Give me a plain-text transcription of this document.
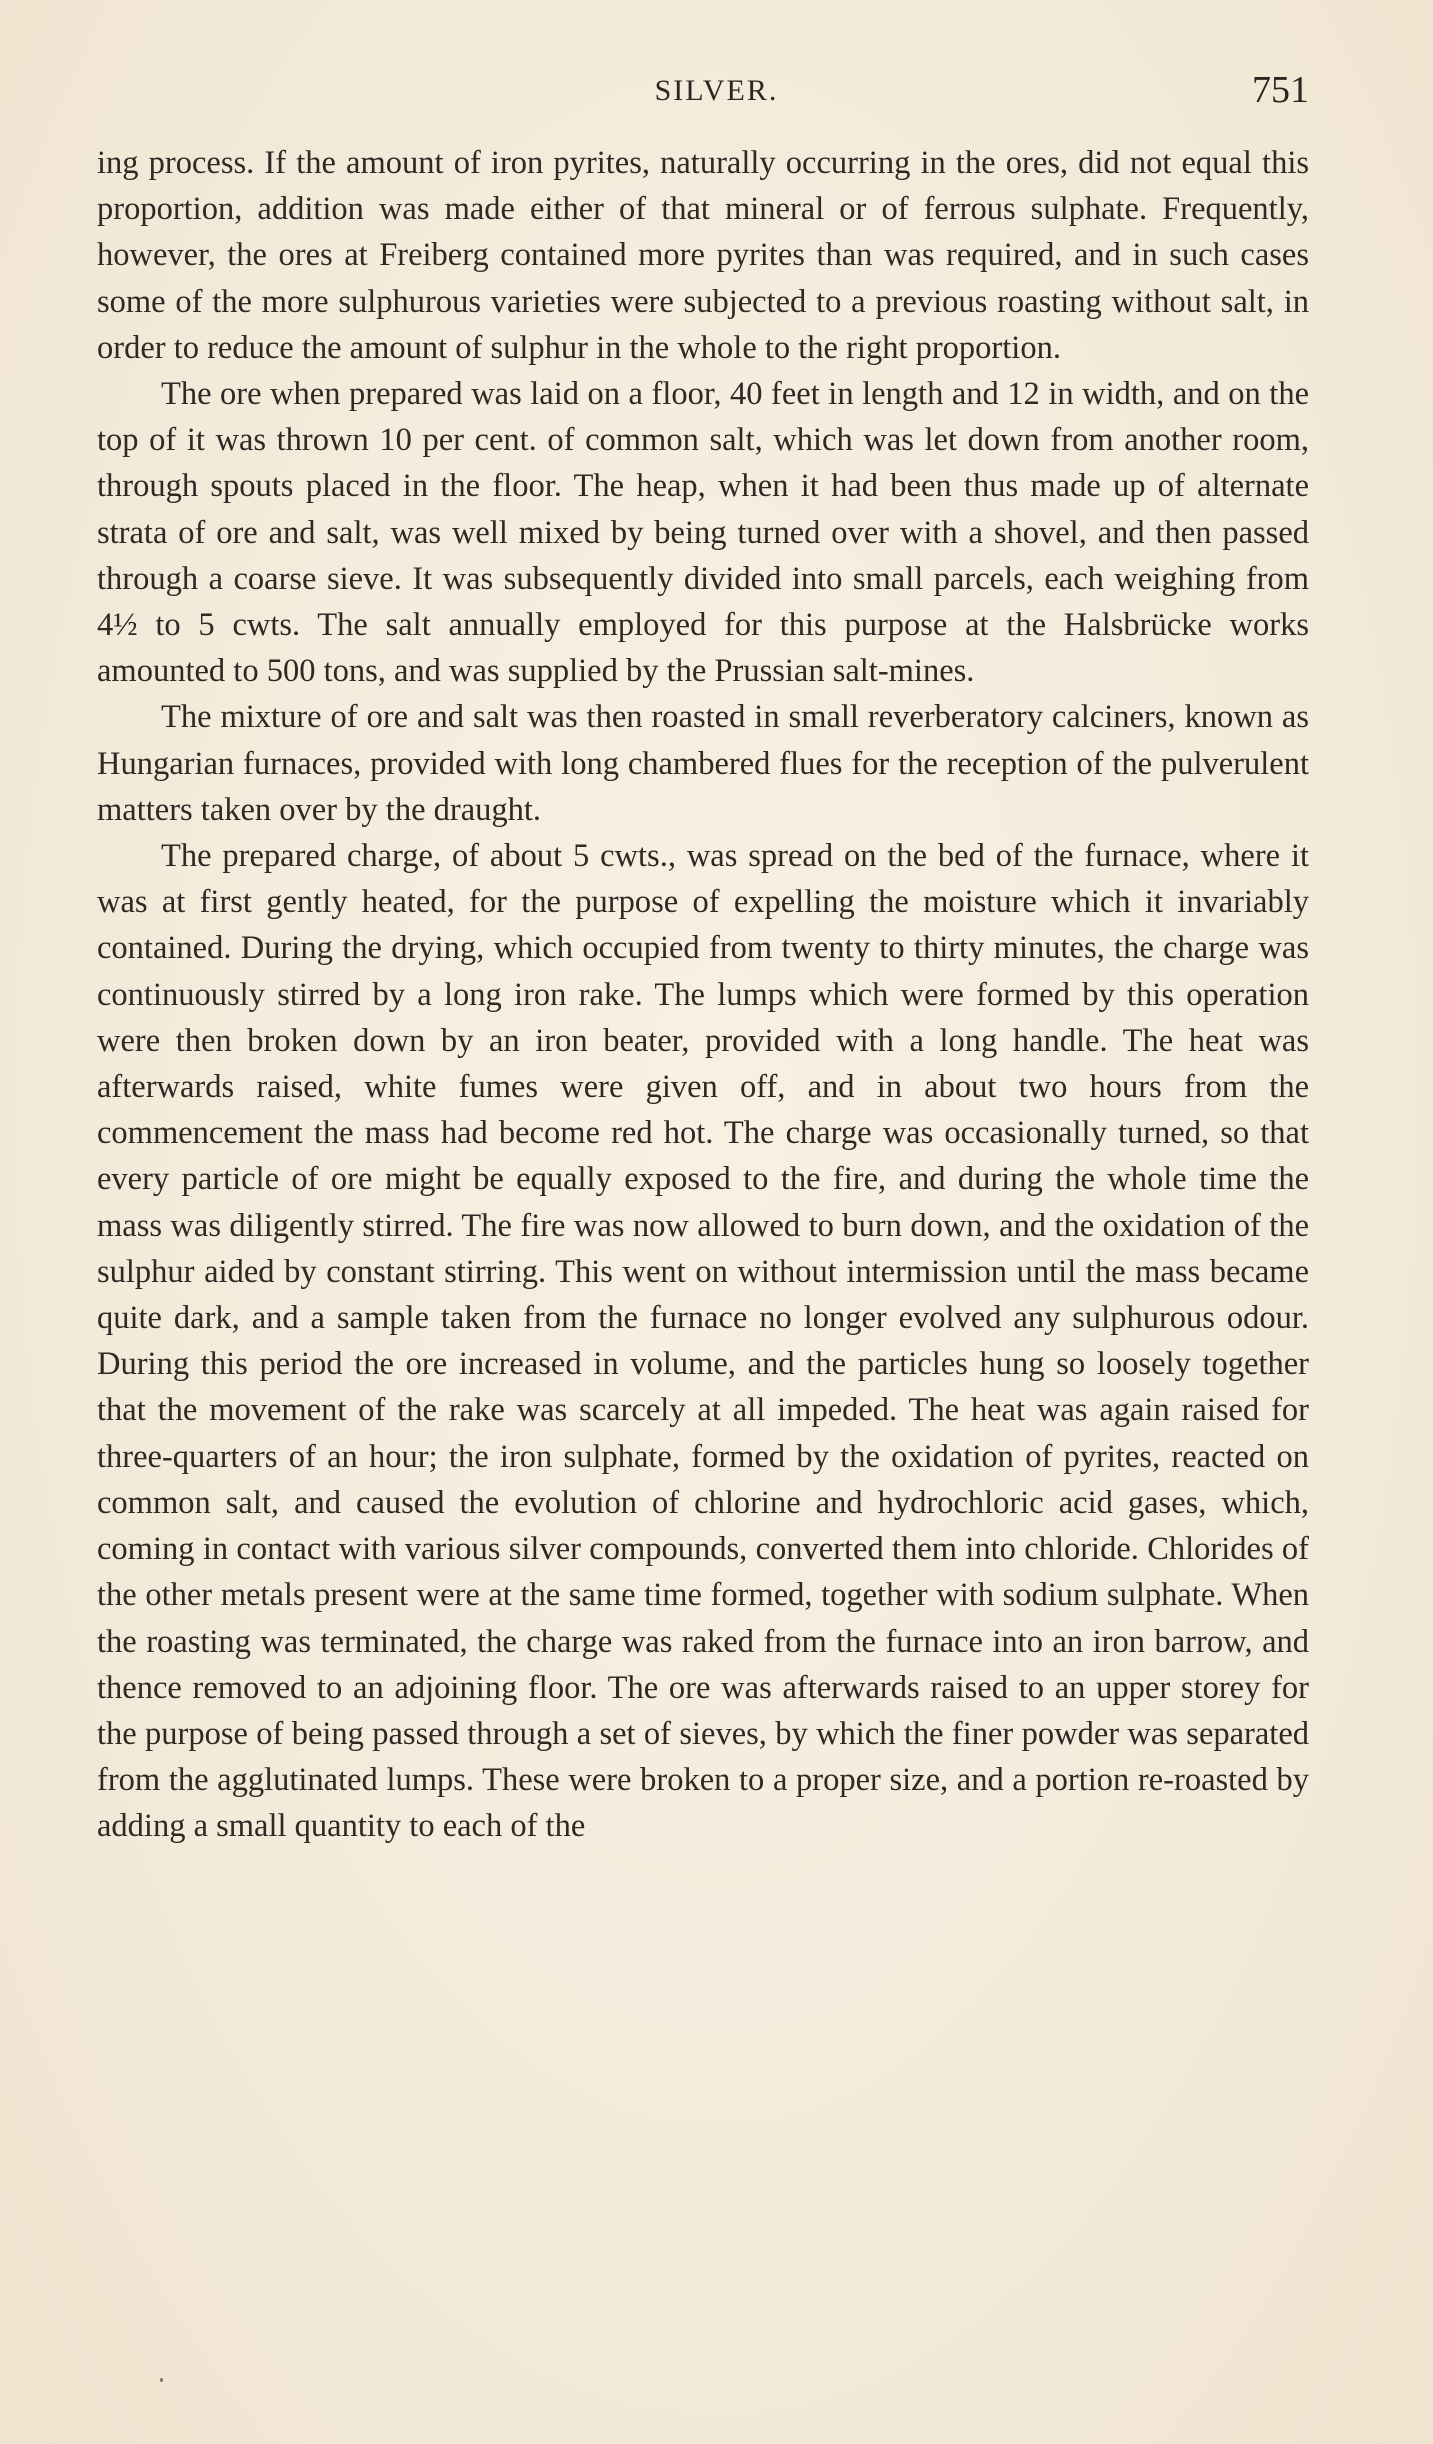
SILVER.	751

ing process. If the amount of iron pyrites, naturally occurring in the ores, did not equal this proportion, addition was made either of that mineral or of ferrous sulphate. Frequently, however, the ores at Freiberg contained more pyrites than was required, and in such cases some of the more sulphurous varieties were subjected to a previous roasting without salt, in order to reduce the amount of sulphur in the whole to the right proportion.

The ore when prepared was laid on a floor, 40 feet in length and 12 in width, and on the top of it was thrown 10 per cent. of common salt, which was let down from another room, through spouts placed in the floor. The heap, when it had been thus made up of alternate strata of ore and salt, was well mixed by being turned over with a shovel, and then passed through a coarse sieve. It was subsequently divided into small parcels, each weighing from 4½ to 5 cwts. The salt annually employed for this purpose at the Halsbrücke works amounted to 500 tons, and was supplied by the Prussian salt-mines.

The mixture of ore and salt was then roasted in small reverberatory calciners, known as Hungarian furnaces, provided with long chambered flues for the reception of the pulverulent matters taken over by the draught.

The prepared charge, of about 5 cwts., was spread on the bed of the furnace, where it was at first gently heated, for the purpose of expelling the moisture which it invariably contained. During the drying, which occupied from twenty to thirty minutes, the charge was continuously stirred by a long iron rake. The lumps which were formed by this operation were then broken down by an iron beater, provided with a long handle. The heat was afterwards raised, white fumes were given off, and in about two hours from the commencement the mass had become red hot. The charge was occasionally turned, so that every particle of ore might be equally exposed to the fire, and during the whole time the mass was diligently stirred. The fire was now allowed to burn down, and the oxidation of the sulphur aided by constant stirring. This went on without intermission until the mass became quite dark, and a sample taken from the furnace no longer evolved any sulphurous odour. During this period the ore increased in volume, and the particles hung so loosely together that the movement of the rake was scarcely at all impeded. The heat was again raised for three-quarters of an hour; the iron sulphate, formed by the oxidation of pyrites, reacted on common salt, and caused the evolution of chlorine and hydrochloric acid gases, which, coming in contact with various silver compounds, converted them into chloride. Chlorides of the other metals present were at the same time formed, together with sodium sulphate. When the roasting was terminated, the charge was raked from the furnace into an iron barrow, and thence removed to an adjoining floor. The ore was afterwards raised to an upper storey for the purpose of being passed through a set of sieves, by which the finer powder was separated from the agglutinated lumps. These were broken to a proper size, and a portion re-roasted by adding a small quantity to each of the
